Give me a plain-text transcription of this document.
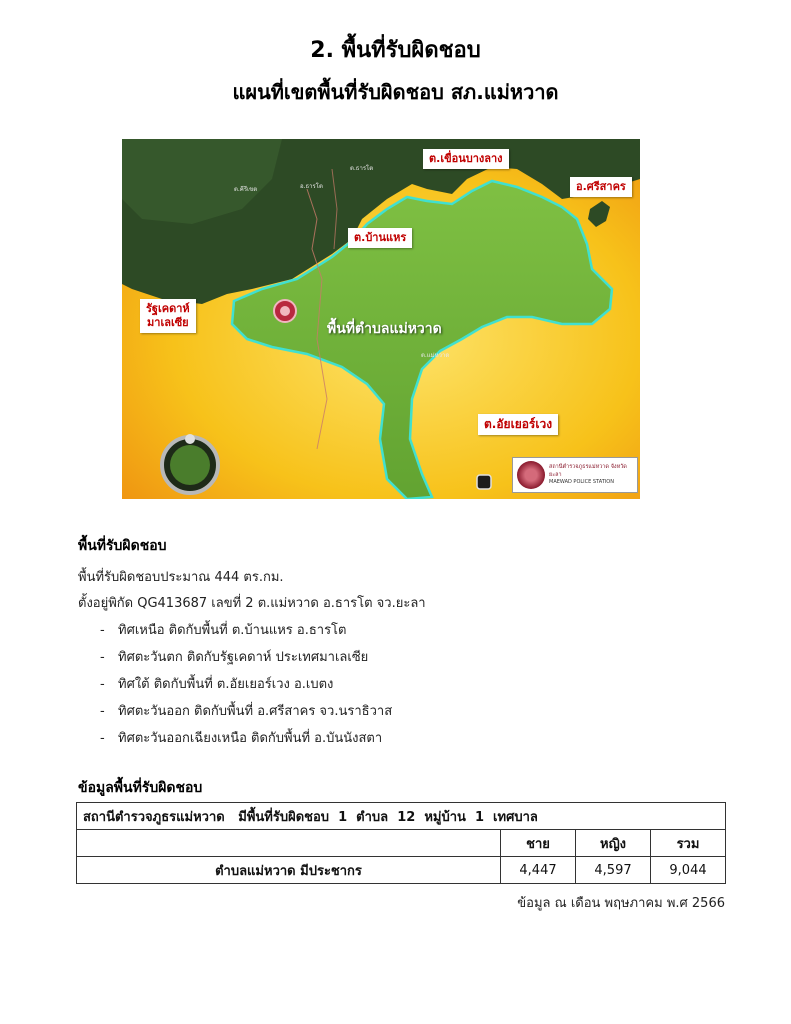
2. พื้นที่รับผิดชอบ
แผนที่เขตพื้นที่รับผิดชอบ สภ.แม่หวาด
ต.เขื่อนบางลาง
อ.ศรีสาคร
ต.บ้านแหร
รัฐเคดาห์
มาเลเซีย
ต.อัยเยอร์เวง
พื้นที่ตำบลแม่หวาด
ต.คีรีเขต	อ.ธารโต
ต.ธารโต
ต.แม่หวาด
สถานีตำรวจภูธรแม่หวาด จังหวัดยะลา
MAEWAD POLICE STATION
พื้นที่รับผิดชอบ
พื้นที่รับผิดชอบประมาณ 444 ตร.กม.
ตั้งอยู่พิกัด QG413687 เลขที่ 2 ต.แม่หวาด อ.ธารโต จว.ยะลา
- ทิศเหนือ ติดกับพื้นที่ ต.บ้านแหร อ.ธารโต
- ทิศตะวันตก ติดกับรัฐเคดาห์ ประเทศมาเลเซีย
- ทิศใต้ ติดกับพื้นที่ ต.อัยเยอร์เวง อ.เบตง
- ทิศตะวันออก ติดกับพื้นที่ อ.ศรีสาคร จว.นราธิวาส
- ทิศตะวันออกเฉียงเหนือ ติดกับพื้นที่ อ.บันนังสตา
ข้อมูลพื้นที่รับผิดชอบ
สถานีตำรวจภูธรแม่หวาด   มีพื้นที่รับผิดชอบ  1  ตำบล  12  หมู่บ้าน  1  เทศบาล			
	ชาย	หญิง	รวม
ตำบลแม่หวาด มีประชากร	4,447	4,597	9,044
ข้อมูล ณ เดือน พฤษภาคม พ.ศ 2566
